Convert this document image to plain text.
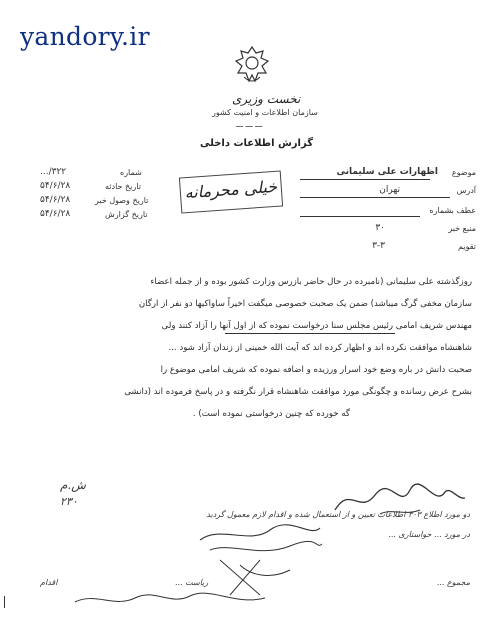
yandory.ir
نخست وزیری
سازمان اطلاعات و امنیت کشور
ـــ ـــ ـــ
گزارش اطلاعات داخلی
موضوع
اظهارات علی سلیمانی
آدرس
تهران
عطف بشماره
منبع خبر
۳۰
تقویم
۳-۳
شماره
۳۲۲/...
تاریخ حادثه
۵۴/۶/۲۸
تاریخ وصول خبر
۵۴/۶/۲۸
تاریخ گزارش
۵۴/۶/۲۸
خیلی محرمانه
روزگذشته علی سلیمانی (نامبرده در حال حاضر بازرس وزارت کشور بوده و از جمله اعضاء
سازمان مخفی گرگ میباشد) ضمن یک صحبت خصوصی میگفت اخیراً ساواکیها دو نفر از ارگان
مهندس شریف امامی رئیس مجلس سنا درخواست نموده که از اول آنها را آزاد کنند ولی
شاهنشاه موافقت نکرده اند و اظهار کرده اند که آیت الله خمینی از زندان آزاد شود ...
صحبت دانش در باره وضع خود اسرار ورزیده و اضافه نموده که شریف امامی موضوع را
بشرح عرض رسانده و چگونگی مورد موافقت شاهنشاه قرار نگرفته و در پاسخ فرموده اند (دانشی
گه خورده که چنین درخواستی نموده است) .
ش.م
۲۳۰
دو مورد اطلاع ۳۰۳ اطلاعات تعیین و از استعمال شده و اقدام لازم معمول گردید
در مورد ... خواستاری ...
مجموع ...
ریاست ...
اقدام
